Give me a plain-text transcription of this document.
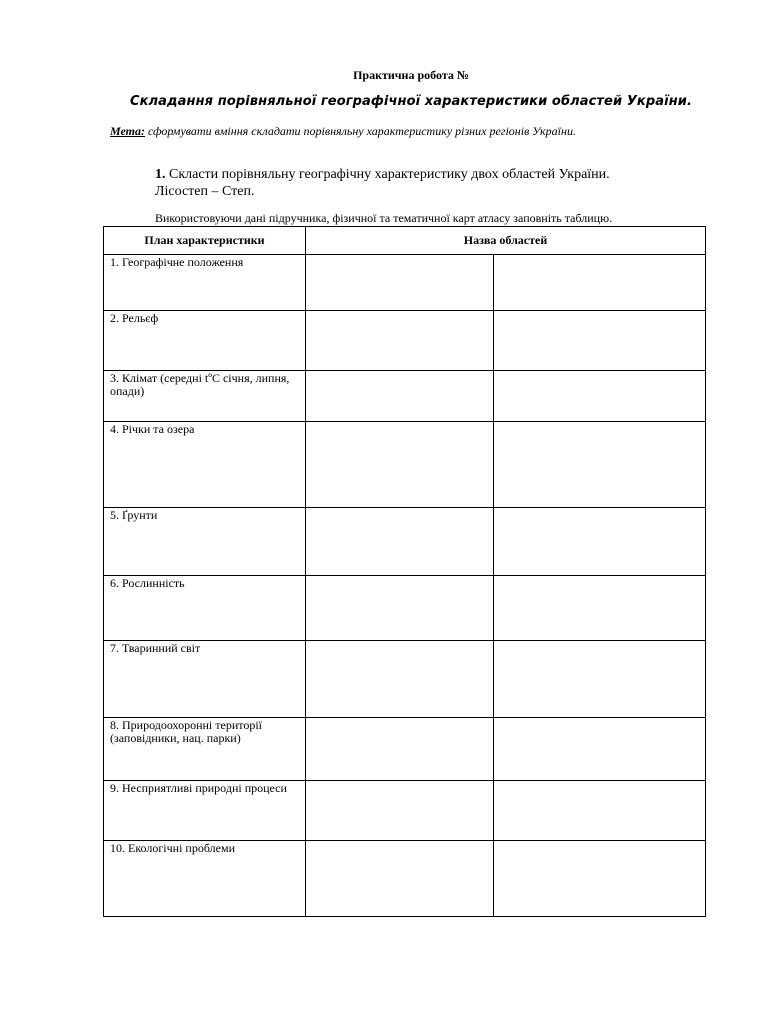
Практична робота №
Складання порівняльної географічної характеристики областей України.
Мета: сформувати вміння складати порівняльну характеристику різних регіонів України.
1. Скласти порівняльну географічну характеристику двох областей України.
Лісостеп – Степ.
Використовуючи дані підручника, фізичної та тематичної карт атласу заповніть таблицю.
План характеристики	Назва областей	
1. Географічне положення		
2. Рельєф		
3. Клімат (середні tºC січня, липня, опади)		
4. Річки та озера		
5. Ґрунти		
6. Рослинність		
7. Тваринний світ		
8. Природоохоронні території (заповідники, нац. парки)		
9. Несприятливі природні процеси		
10. Екологічні проблеми		
